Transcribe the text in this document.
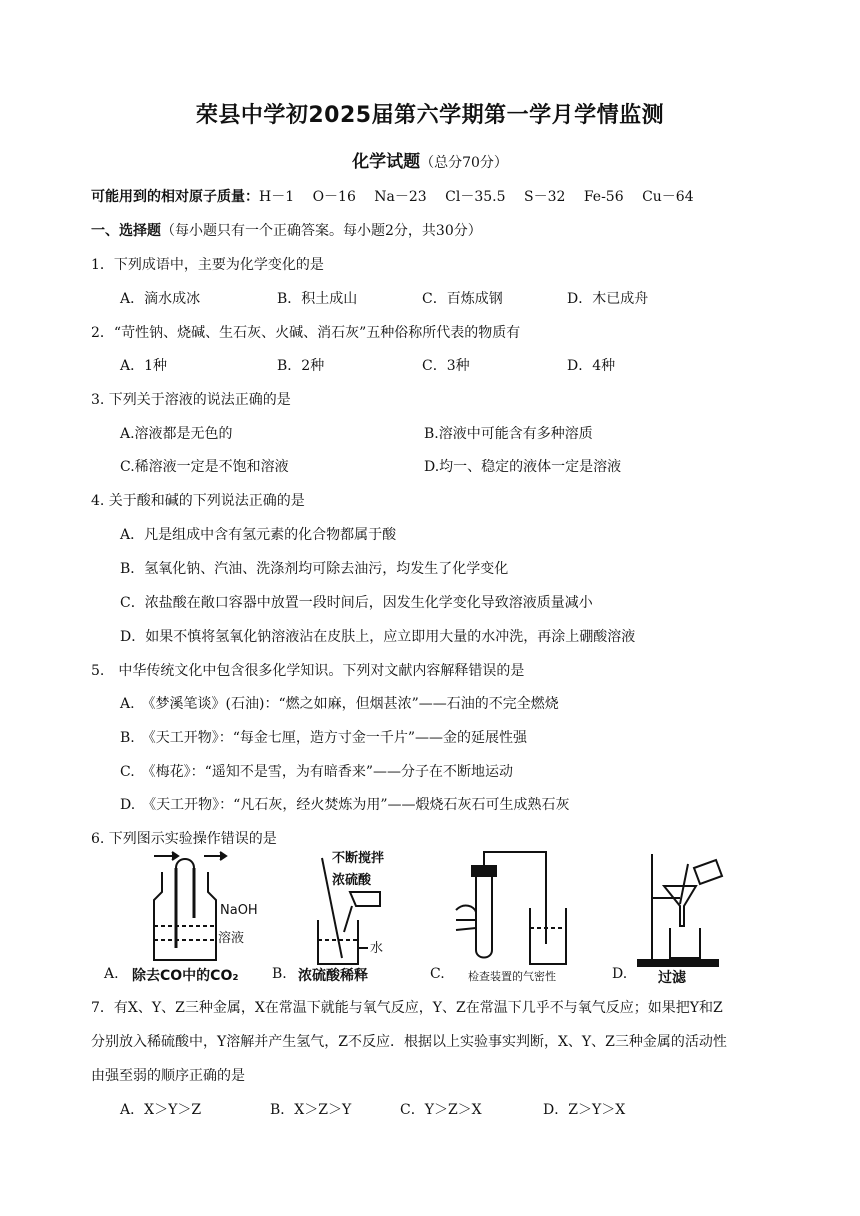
荣县中学初2025届第六学期第一学月学情监测
化学试题（总分70分）
可能用到的相对原子质量：H－1　 O－16　 Na－23　 Cl－35.5　 S－32　 Fe-56　 Cu－64
一、选择题（每小题只有一个正确答案。每小题2分，共30分）
1．下列成语中，主要为化学变化的是
A．滴水成冰	B．积土成山	C．百炼成钢	D．木已成舟
2．“苛性钠、烧碱、生石灰、火碱、消石灰”五种俗称所代表的物质有
A．1种	B．2种	C．3种	D．4种
3. 下列关于溶液的说法正确的是
A.溶液都是无色的	B.溶液中可能含有多种溶质
C.稀溶液一定是不饱和溶液	D.均一、稳定的液体一定是溶液
4. 关于酸和碱的下列说法正确的是
A．凡是组成中含有氢元素的化合物都属于酸
B．氢氧化钠、汽油、洗涤剂均可除去油污，均发生了化学变化
C．浓盐酸在敞口容器中放置一段时间后，因发生化学变化导致溶液质量减小
D．如果不慎将氢氧化钠溶液沾在皮肤上，应立即用大量的水冲洗，再涂上硼酸溶液
5.　中华传统文化中包含很多化学知识。下列对文献内容解释错误的是
A.　《梦溪笔谈》(石油)：“燃之如麻，但烟甚浓”——石油的不完全燃烧
B.　《天工开物》：“每金七厘，造方寸金一千片”——金的延展性强
C.　《梅花》：“遥知不是雪，为有暗香来”——分子在不断地运动
D.　《天工开物》：“凡石灰，经火焚炼为用”——煅烧石灰石可生成熟石灰
6. 下列图示实验操作错误的是
NaOH
溶液
除去CO中的CO₂
不断搅拌
浓硫酸
水
浓硫酸稀释	检查装置的气密性	过滤
A.	B.	C.	D.
7．有X、Y、Z三种金属，X在常温下就能与氧气反应，Y、Z在常温下几乎不与氧气反应；如果把Y和Z
分别放入稀硫酸中，Y溶解并产生氢气，Z不反应．根据以上实验事实判断，X、Y、Z三种金属的活动性
由强至弱的顺序正确的是
A．X＞Y＞Z	B．X＞Z＞Y	C．Y＞Z＞X	D．Z＞Y＞X
